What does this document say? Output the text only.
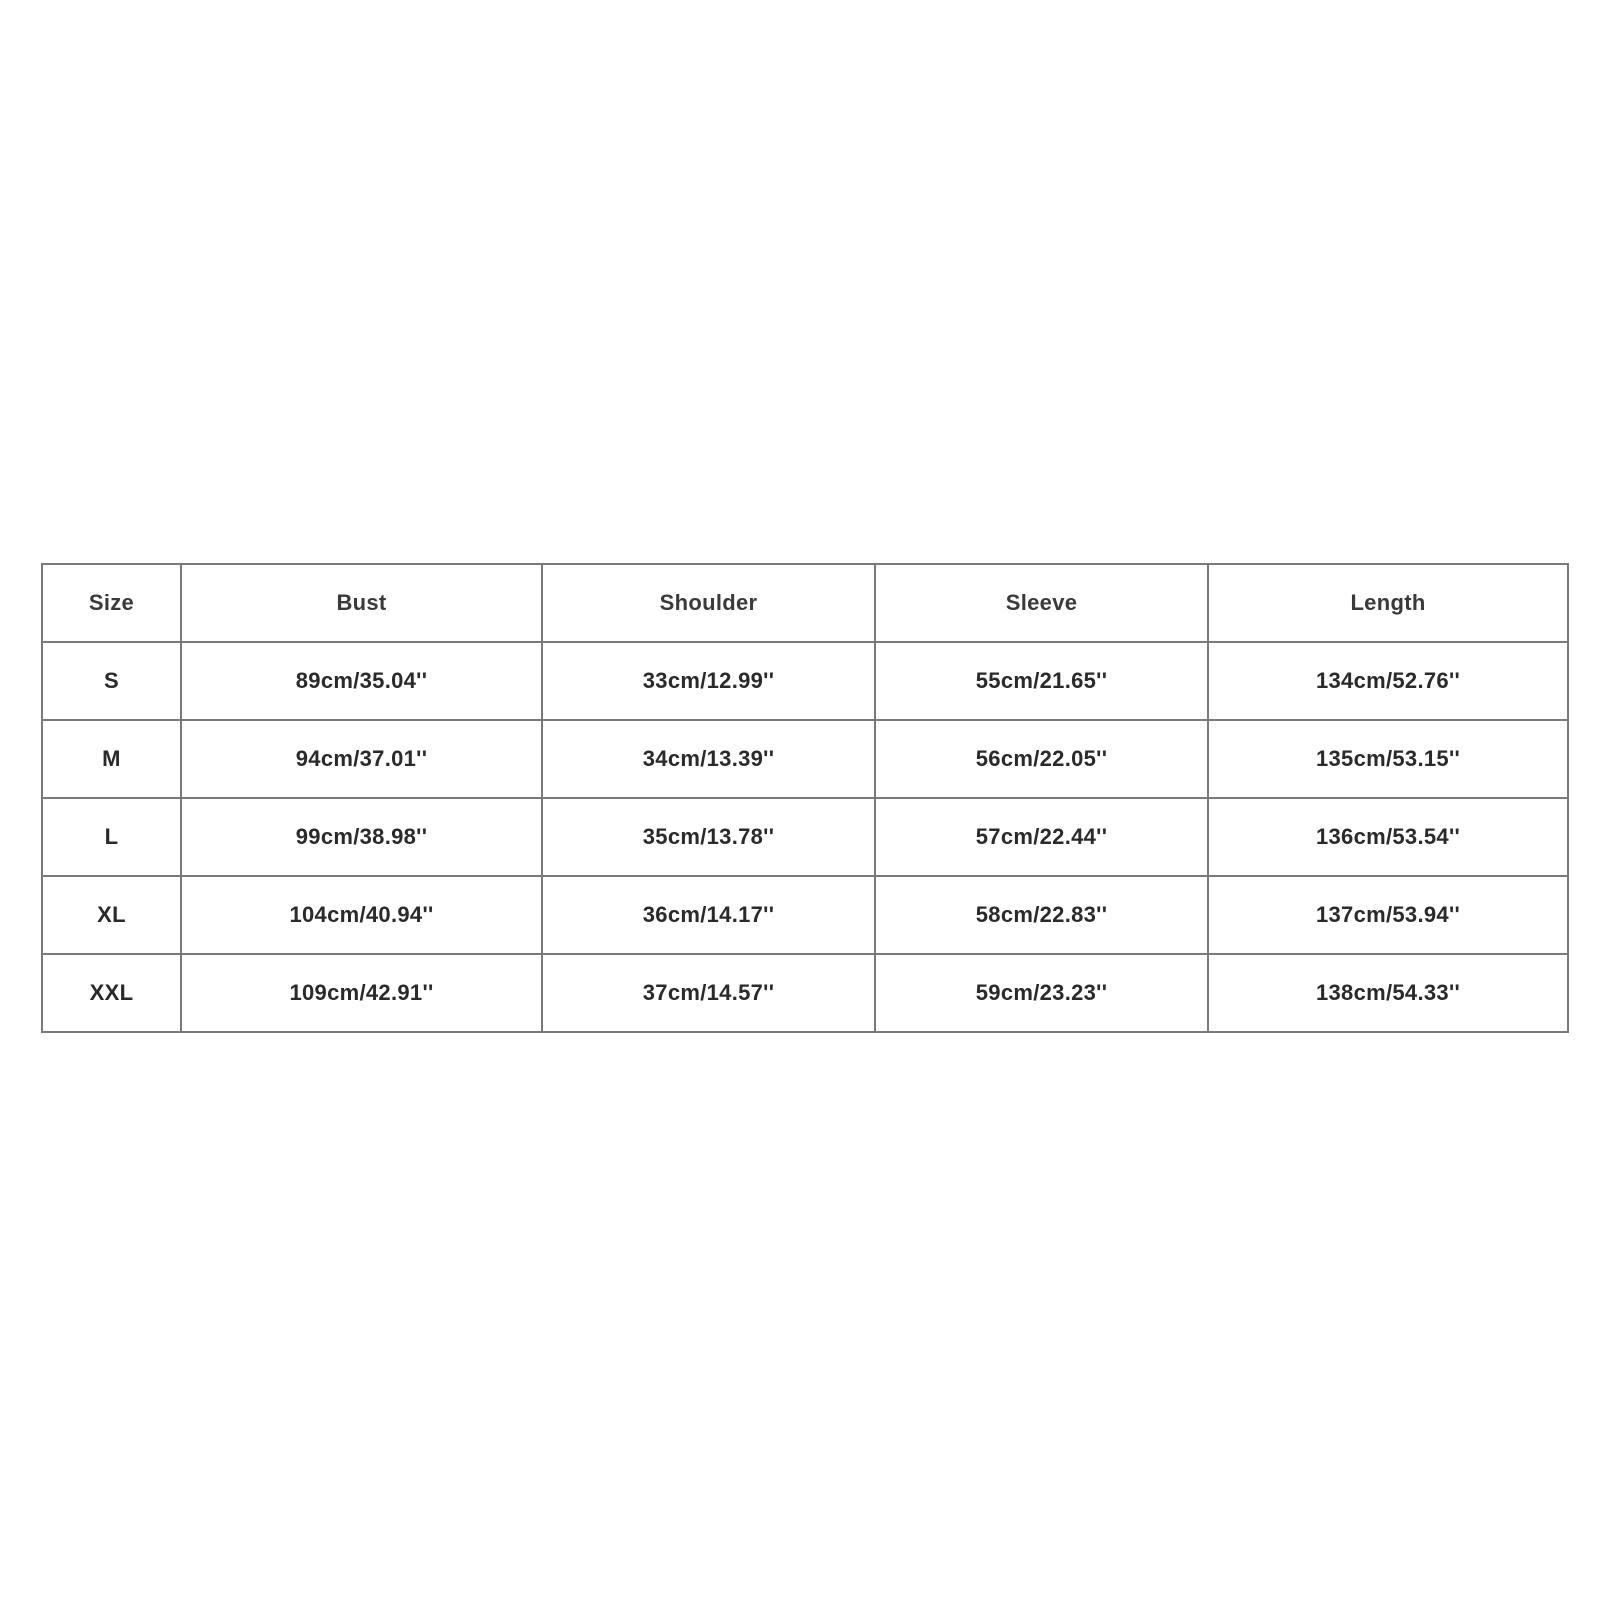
Size	Bust	Shoulder	Sleeve	Length
S	89cm/35.04''	33cm/12.99''	55cm/21.65''	134cm/52.76''
M	94cm/37.01''	34cm/13.39''	56cm/22.05''	135cm/53.15''
L	99cm/38.98''	35cm/13.78''	57cm/22.44''	136cm/53.54''
XL	104cm/40.94''	36cm/14.17''	58cm/22.83''	137cm/53.94''
XXL	109cm/42.91''	37cm/14.57''	59cm/23.23''	138cm/54.33''
